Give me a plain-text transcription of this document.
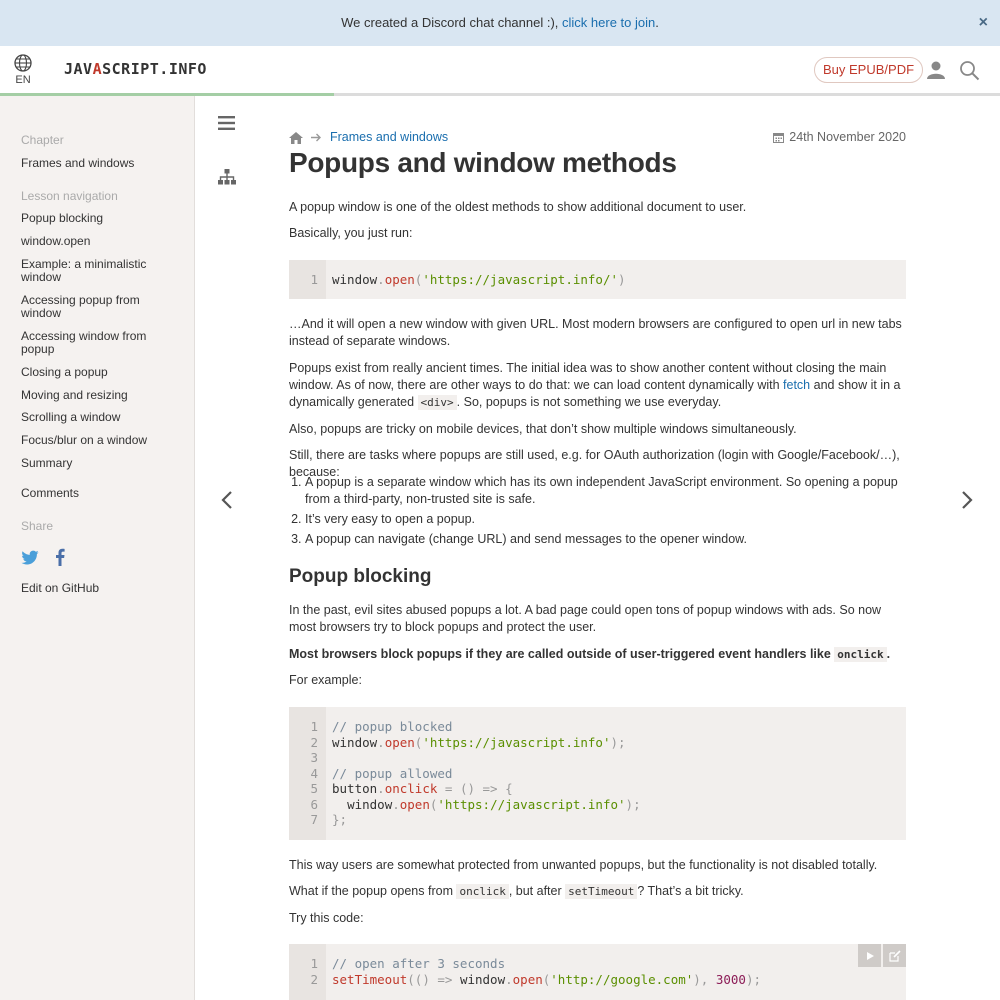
We created a Discord chat channel :), click here to join.	×
EN
JAVASCRIPT.INFO	Buy EPUB/PDF
Chapter
Frames and windows
Lesson navigation
Popup blocking
window.open
Example: a minimalistic window
Accessing popup from window
Accessing window from popup
Closing a popup
Moving and resizing
Scrolling a window
Focus/blur on a window
Summary
Comments
Share

Edit on GitHub
Frames and windows	24th November 2020
Popups and window methods
A popup window is one of the oldest methods to show additional document to user.
Basically, you just run:
1 window.open('https://javascript.info/')
…And it will open a new window with given URL. Most modern browsers are configured to open url in new tabs instead of separate windows.
Popups exist from really ancient times. The initial idea was to show another content without closing the main window. As of now, there are other ways to do that: we can load content dynamically with fetch and show it in a dynamically generated <div> . So, popups is not something we use everyday.
Also, popups are tricky on mobile devices, that don’t show multiple windows simultaneously.
Still, there are tasks where popups are still used, e.g. for OAuth authorization (login with Google/Facebook/…), because:
1. A popup is a separate window which has its own independent JavaScript environment. So opening a popup from a third-party, non-trusted site is safe.
2. It’s very easy to open a popup.
3. A popup can navigate (change URL) and send messages to the opener window.
Popup blocking
In the past, evil sites abused popups a lot. A bad page could open tons of popup windows with ads. So now most browsers try to block popups and protect the user.
Most browsers block popups if they are called outside of user-triggered event handlers like onclick .
For example:
1
2
3
4
5
6
7
// popup blocked
window.open('https://javascript.info');
// popup allowed
button.onclick = () => {
window.open('https://javascript.info');
};
This way users are somewhat protected from unwanted popups, but the functionality is not disabled totally.
What if the popup opens from onclick , but after setTimeout ? That’s a bit tricky.
Try this code:
1
2
// open after 3 seconds
setTimeout(() => window.open('http://google.com'), 3000);
